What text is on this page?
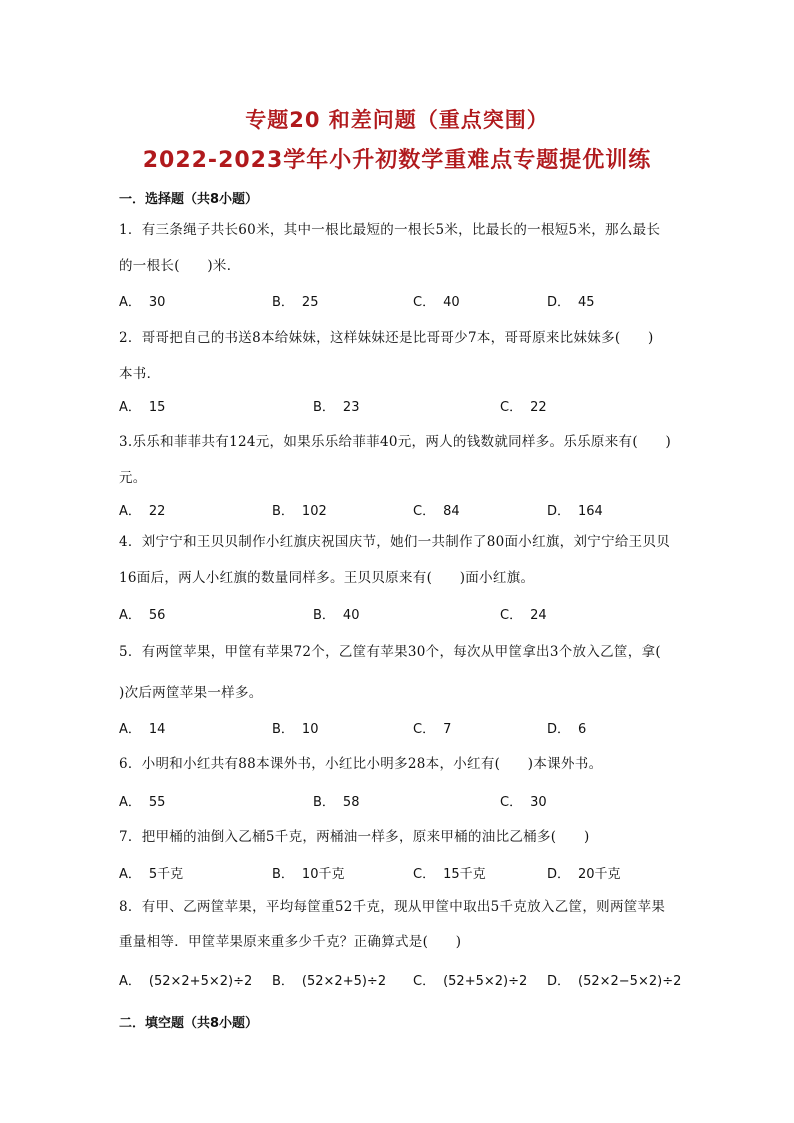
专题20 和差问题（重点突围）
2022-2023学年小升初数学重难点专题提优训练
一．选择题（共8小题）
1．有三条绳子共长60米，其中一根比最短的一根长5米，比最长的一根短5米，那么最长
的一根长(　　)米．
A． 30	B． 25	C． 40	D． 45
2．哥哥把自己的书送8本给妹妹，这样妹妹还是比哥哥少7本，哥哥原来比妹妹多(　　)
本书．
A． 15	B． 23	C． 22
3.乐乐和菲菲共有124元，如果乐乐给菲菲40元，两人的钱数就同样多。乐乐原来有(　　)
元。
A． 22	B． 102	C． 84	D． 164
4．刘宁宁和王贝贝制作小红旗庆祝国庆节，她们一共制作了80面小红旗，刘宁宁给王贝贝
16面后，两人小红旗的数量同样多。王贝贝原来有(　　)面小红旗。
A． 56	B． 40	C． 24
5．有两筐苹果，甲筐有苹果72个，乙筐有苹果30个，每次从甲筐拿出3个放入乙筐，拿(
)次后两筐苹果一样多。
A． 14	B． 10	C． 7	D． 6
6．小明和小红共有88本课外书，小红比小明多28本，小红有(　　)本课外书。
A． 55	B． 58	C． 30
7．把甲桶的油倒入乙桶5千克，两桶油一样多，原来甲桶的油比乙桶多(　　)
A． 5千克	B． 10千克	C． 15千克	D． 20千克
8．有甲、乙两筐苹果，平均每筐重52千克，现从甲筐中取出5千克放入乙筐，则两筐苹果
重量相等．甲筐苹果原来重多少千克？正确算式是(　　)
A． (52×2+5×2)÷2 B． (52×2+5)÷2 C． (52+5×2)÷2 D． (52×2−5×2)÷2
二．填空题（共8小题）
